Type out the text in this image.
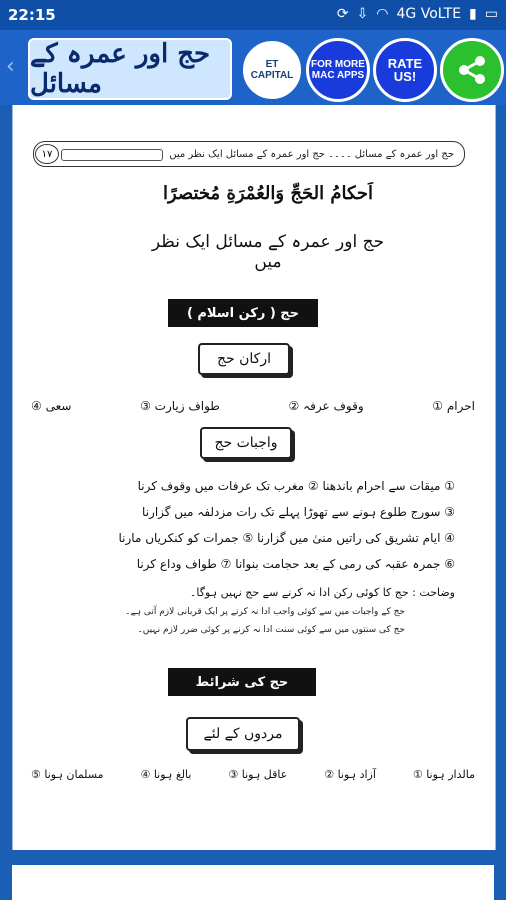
22:15	⟳ ⇩ ◠ 4G VoLTE ▮ ▭
‹ حج اور عمرہ کے مسائل
ET CAPITAL
FOR MORE MAC APPS
RATE US!
۱۷	حج اور عمرہ کے مسائل ۔۔۔۔ حج اور عمرہ کے مسائل ایک نظر میں
اَحکامُ الحَجِّ وَالعُمْرَةِ مُختصرًا
حج اور عمرہ کے مسائل ایک نظر میں
حج ( رکن اسلام )
ارکان حج
① احرام
② وقوف عرفہ
③ طواف زیارت
④ سعی
واجبات حج
① میقات سے احرام باندھنا ② مغرب تک عرفات میں وقوف کرنا
③ سورج طلوع ہونے سے تھوڑا پہلے تک رات مزدلفہ میں گزارنا
④ ایام تشریق کی راتیں منیٰ میں گزارنا ⑤ جمرات کو کنکریاں مارنا
⑥ جمرہ عقبہ کی رمی کے بعد حجامت بنوانا ⑦ طواف وداع کرنا
وضاحت : حج کا کوئی رکن ادا نہ کرنے سے حج نہیں ہوگا۔
حج کے واجبات میں سے کوئی واجب ادا نہ کرنے پر ایک قربانی لازم آتی ہے۔
حج کی سنتوں میں سے کوئی سنت ادا نہ کرنے پر کوئی ضرر لازم نہیں۔
حج کی شرائط
مردوں کے لئے
① مالدار ہونا
② آزاد ہونا
③ عاقل ہونا
④ بالغ ہونا
⑤ مسلمان ہونا
